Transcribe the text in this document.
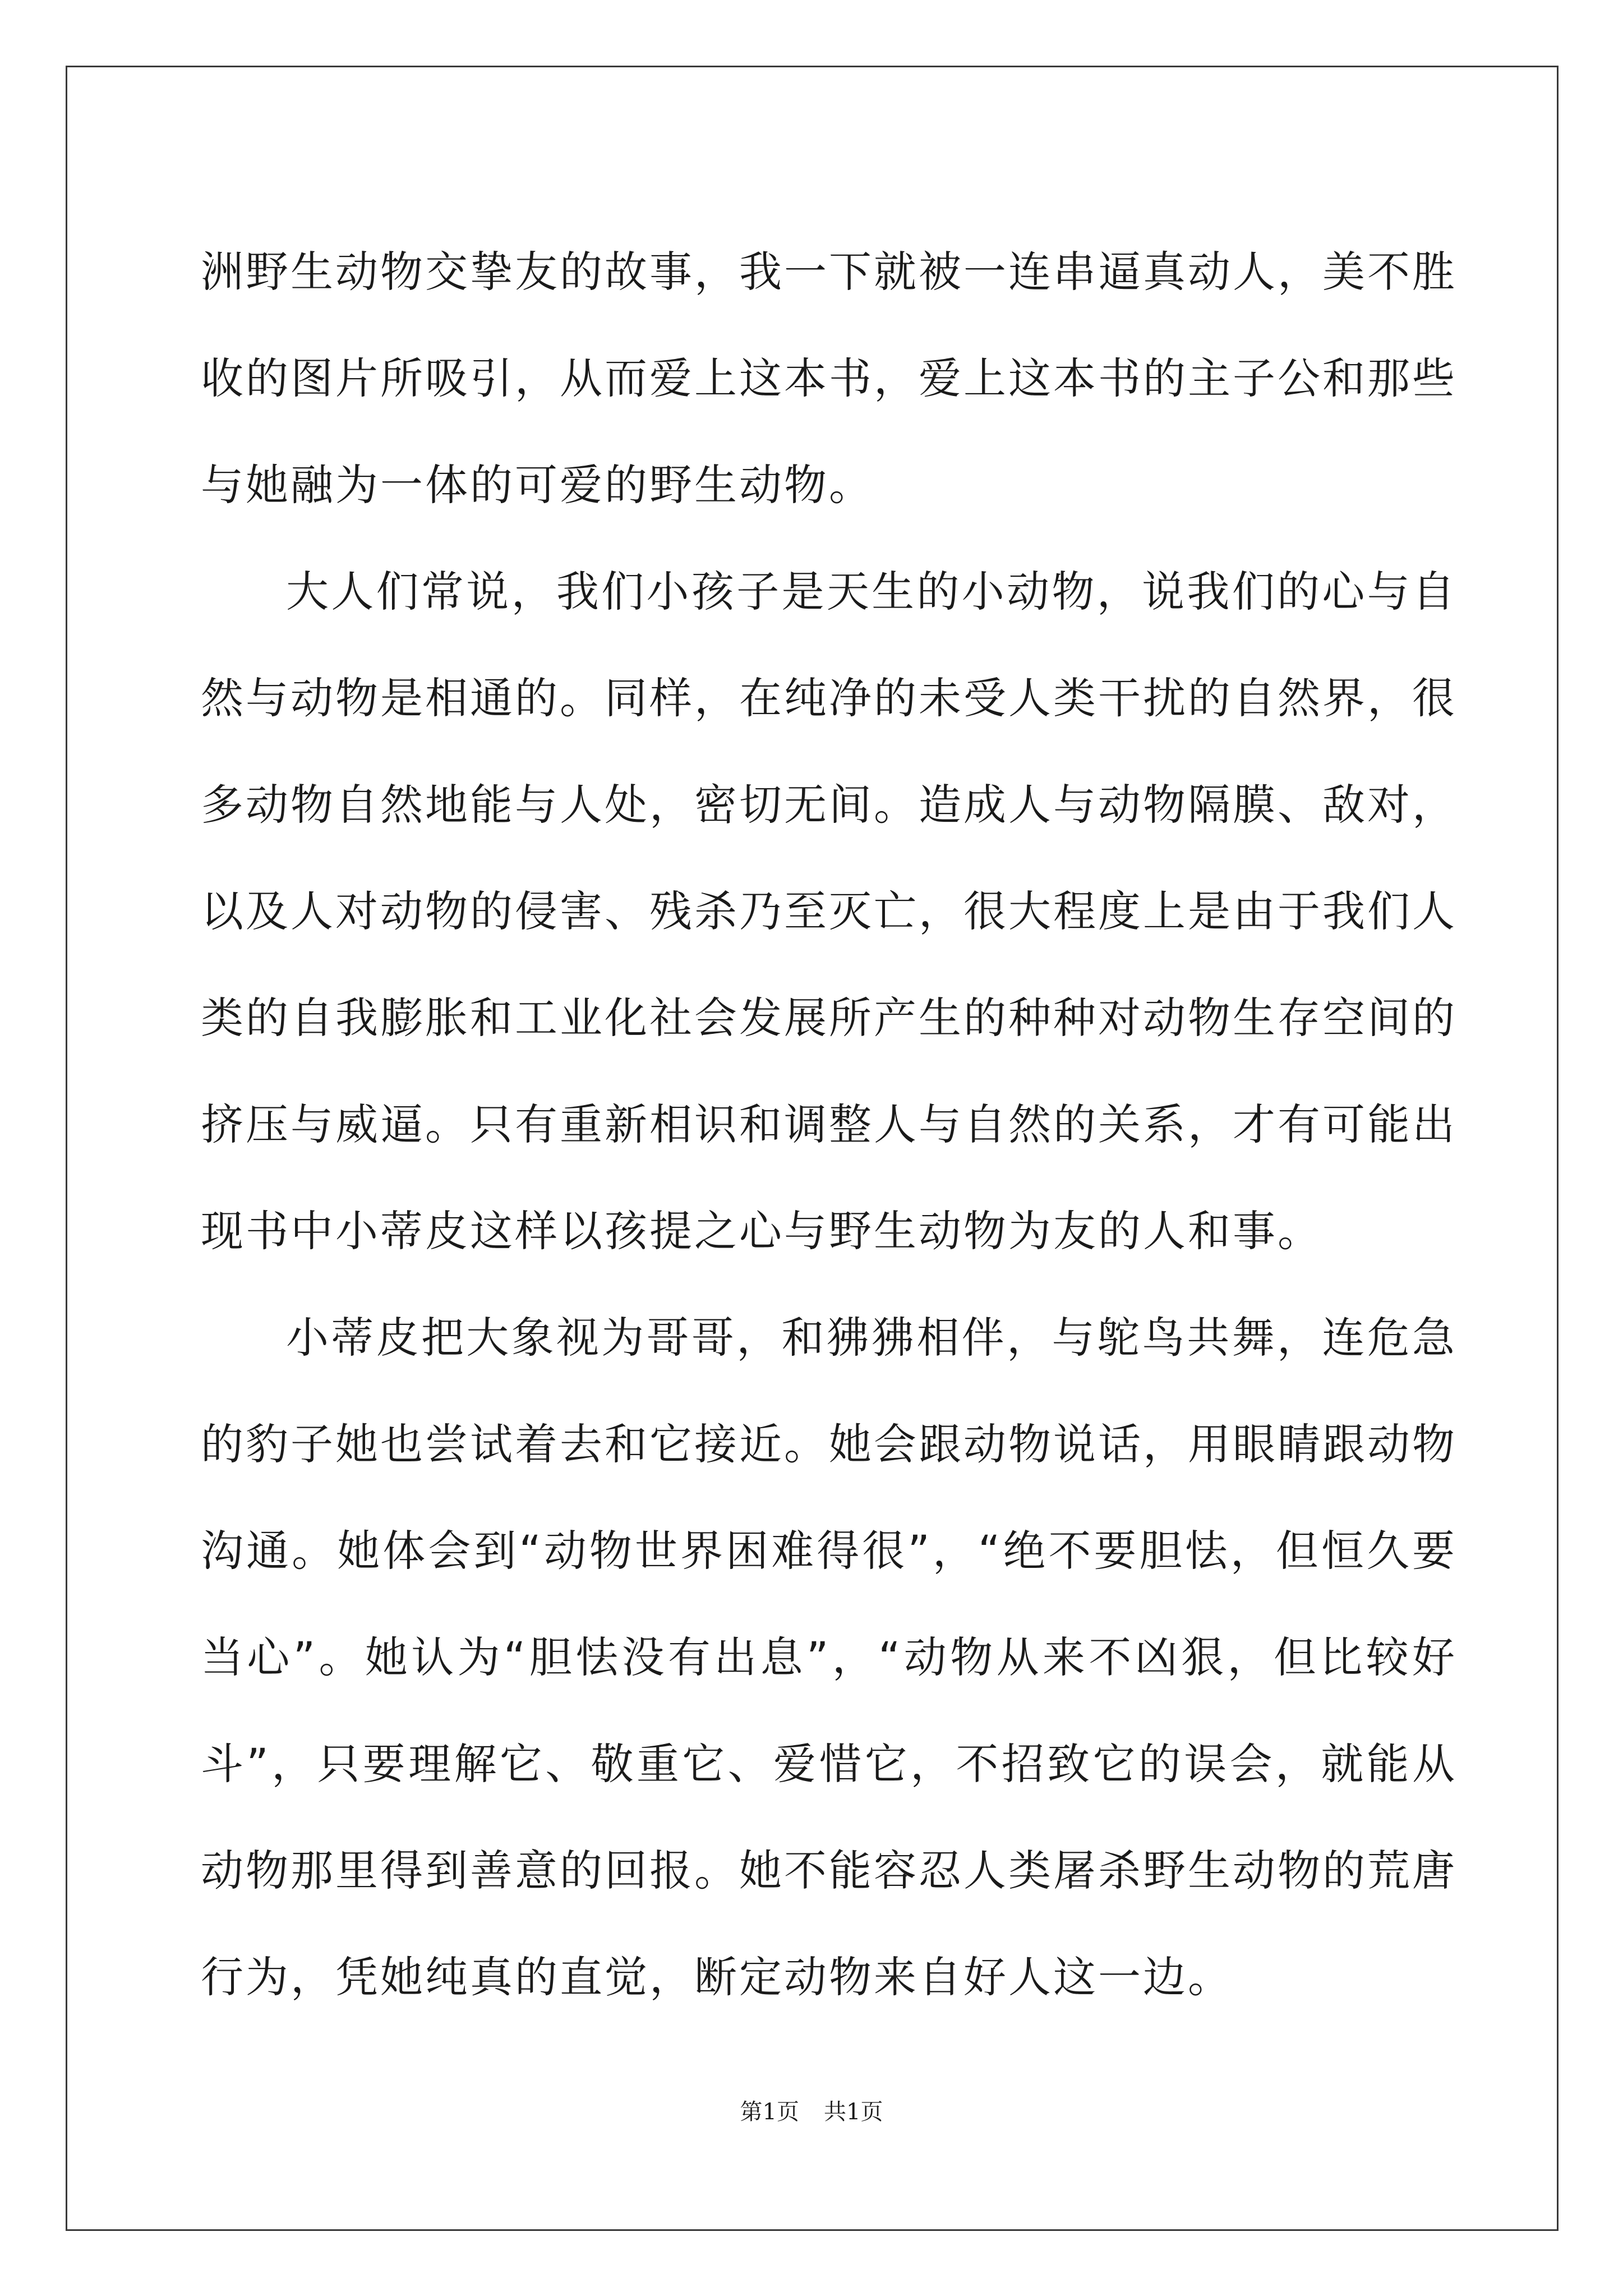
洲野生动物交挚友的故事，我一下就被一连串逼真动人，美不胜收的图片所吸引，从而爱上这本书，爱上这本书的主子公和那些与她融为一体的可爱的野生动物。

大人们常说，我们小孩子是天生的小动物，说我们的心与自然与动物是相通的。同样，在纯净的未受人类干扰的自然界，很多动物自然地能与人处，密切无间。造成人与动物隔膜、敌对，以及人对动物的侵害、残杀乃至灭亡，很大程度上是由于我们人类的自我膨胀和工业化社会发展所产生的种种对动物生存空间的挤压与威逼。只有重新相识和调整人与自然的关系，才有可能出现书中小蒂皮这样以孩提之心与野生动物为友的人和事。

小蒂皮把大象视为哥哥，和狒狒相伴，与鸵鸟共舞，连危急的豹子她也尝试着去和它接近。她会跟动物说话，用眼睛跟动物沟通。她体会到“动物世界困难得很”，“绝不要胆怯，但恒久要当心”。她认为“胆怯没有出息”，“动物从来不凶狠，但比较好斗”，只要理解它、敬重它、爱惜它，不招致它的误会，就能从动物那里得到善意的回报。她不能容忍人类屠杀野生动物的荒唐行为，凭她纯真的直觉，断定动物来自好人这一边。

第1页 共1页
